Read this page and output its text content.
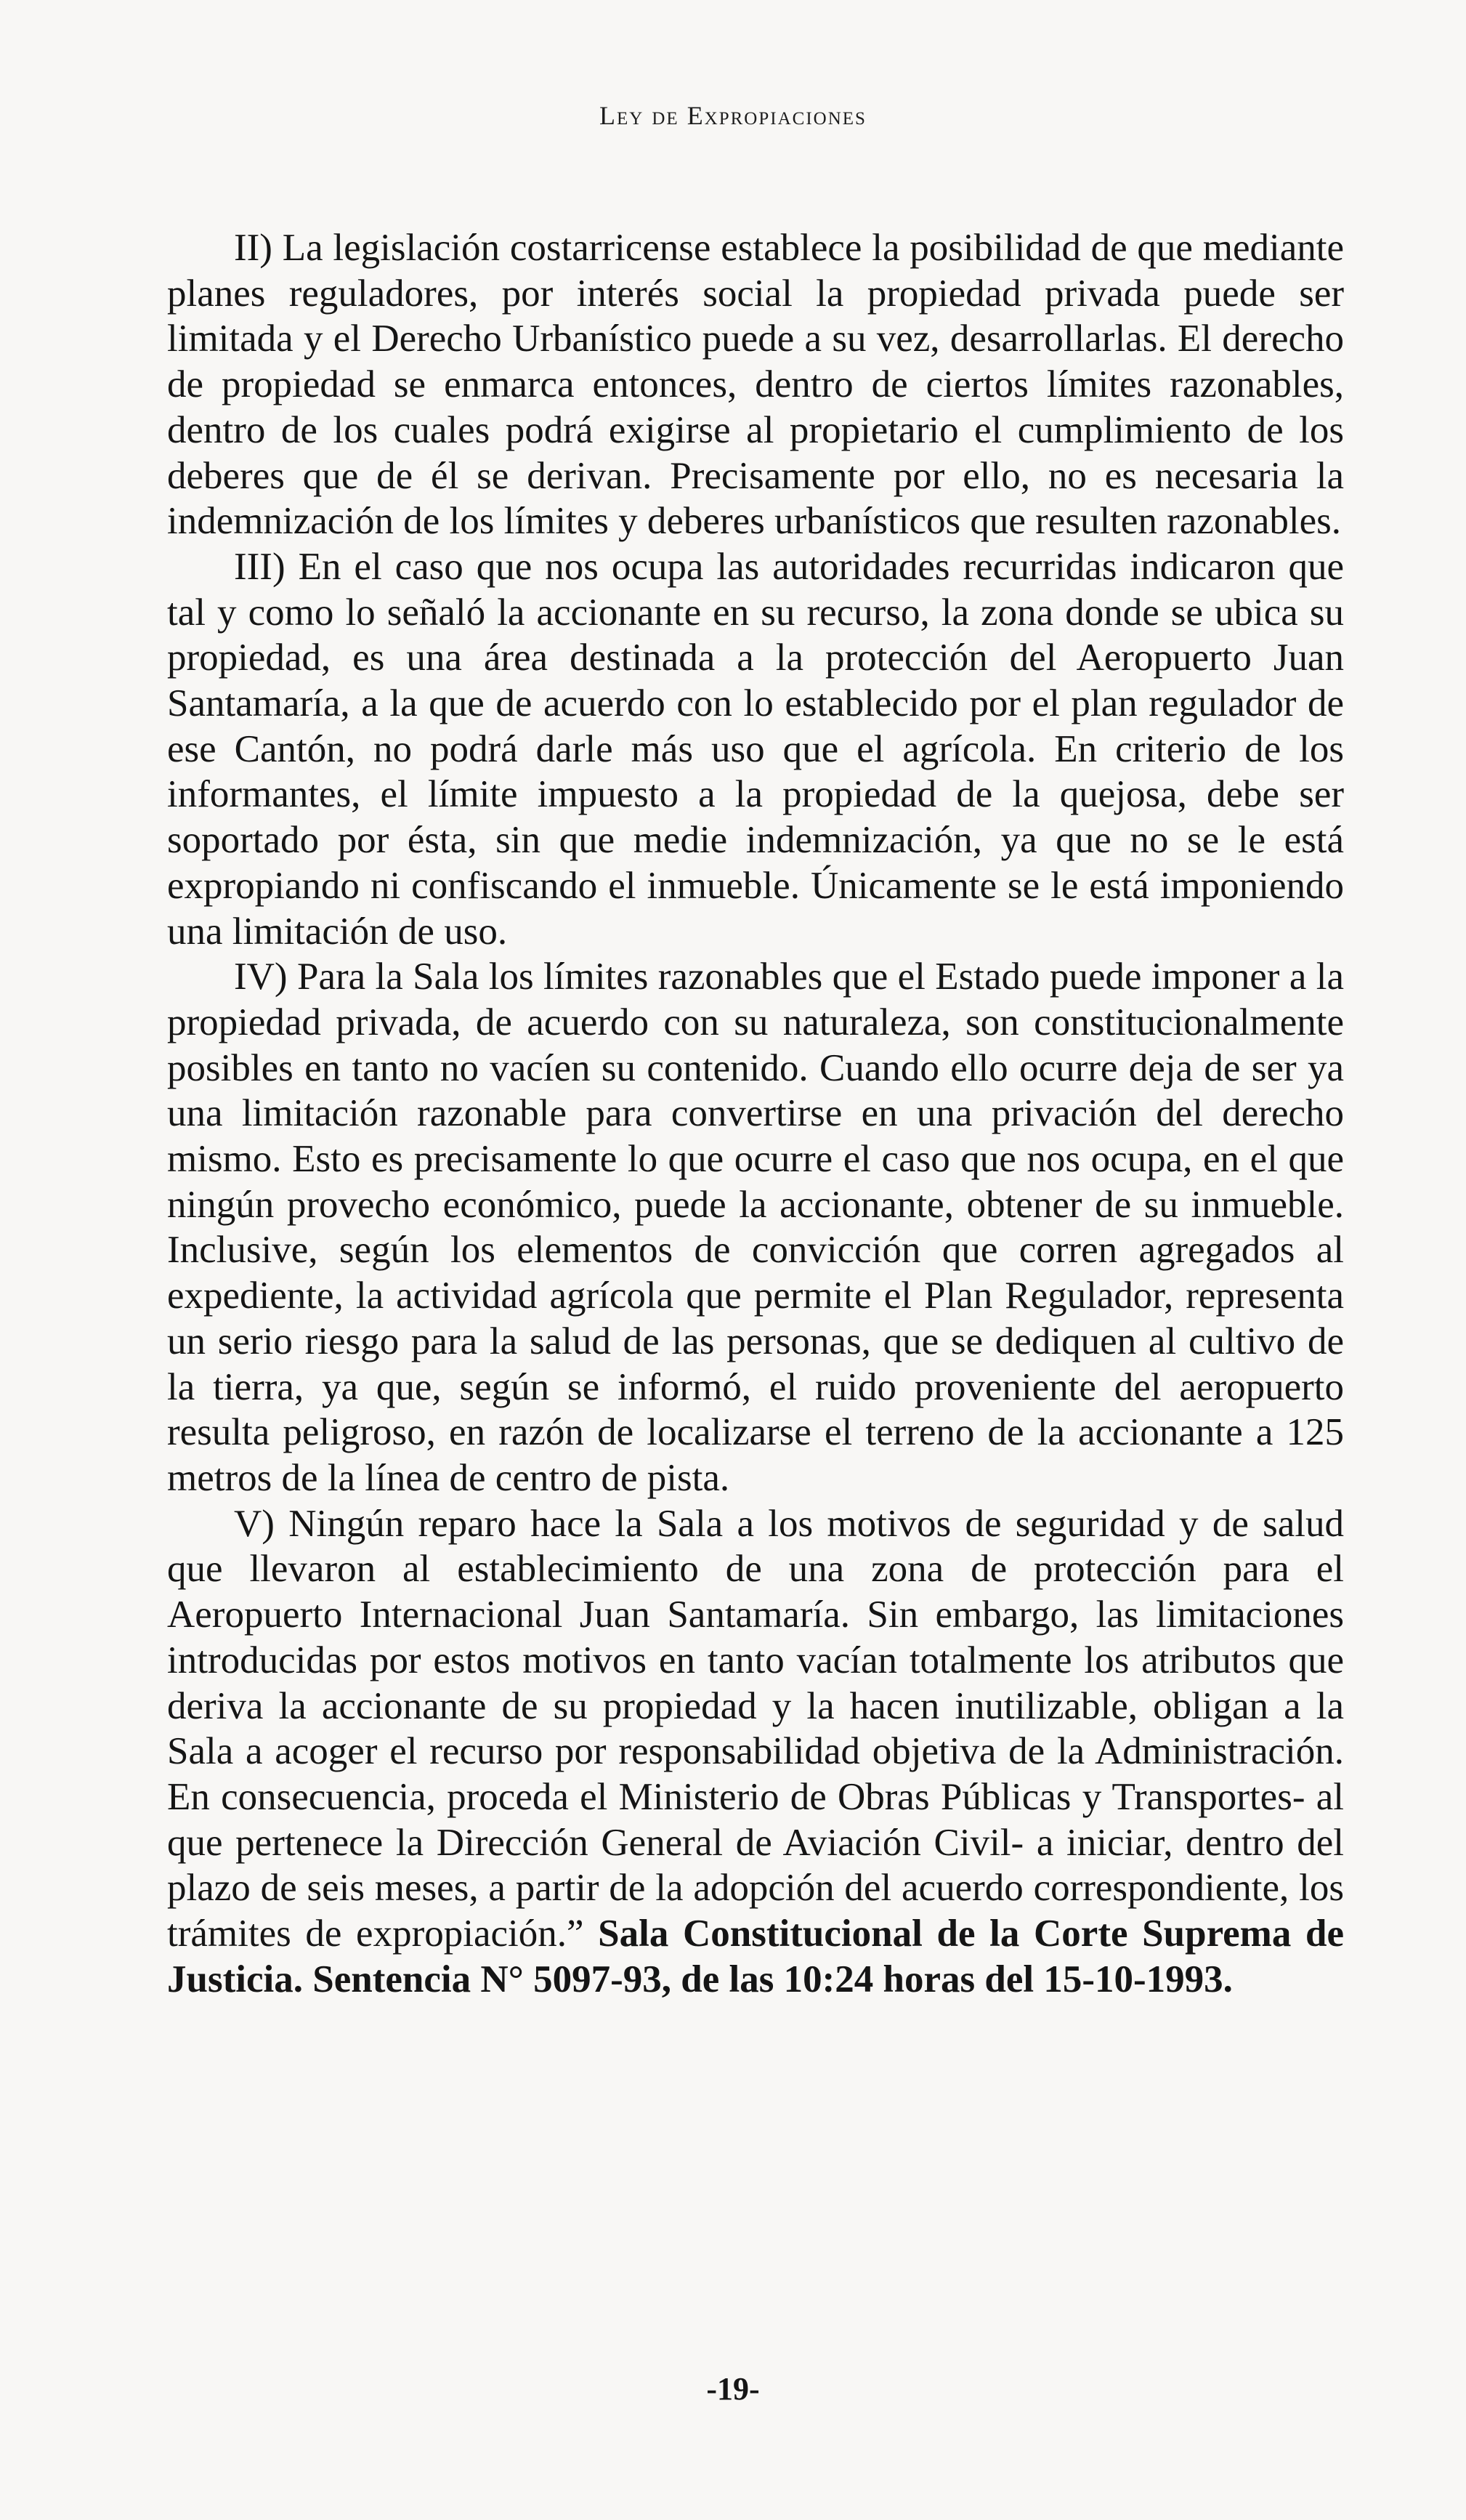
Ley de Expropiaciones

II) La legislación costarricense establece la posibilidad de que mediante planes reguladores, por interés social la propiedad privada puede ser limitada y el Derecho Urbanístico puede a su vez, desarrollarlas. El derecho de propiedad se enmarca entonces, dentro de ciertos límites razonables, dentro de los cuales podrá exigirse al propietario el cumplimiento de los deberes que de él se derivan. Precisamente por ello, no es necesaria la indemnización de los límites y deberes urbanísticos que resulten razonables.

III) En el caso que nos ocupa las autoridades recurridas indicaron que tal y como lo señaló la accionante en su recurso, la zona donde se ubica su propiedad, es una área destinada a la protección del Aeropuerto Juan Santamaría, a la que de acuerdo con lo establecido por el plan regulador de ese Cantón, no podrá darle más uso que el agrícola. En criterio de los informantes, el límite impuesto a la propiedad de la quejosa, debe ser soportado por ésta, sin que medie indemnización, ya que no se le está expropiando ni confiscando el inmueble. Únicamente se le está imponiendo una limitación de uso.

IV) Para la Sala los límites razonables que el Estado puede imponer a la propiedad privada, de acuerdo con su naturaleza, son constitucionalmente posibles en tanto no vacíen su contenido. Cuando ello ocurre deja de ser ya una limitación razonable para convertirse en una privación del derecho mismo. Esto es precisamente lo que ocurre el caso que nos ocupa, en el que ningún provecho económico, puede la accionante, obtener de su inmueble. Inclusive, según los elementos de convicción que corren agregados al expediente, la actividad agrícola que permite el Plan Regulador, representa un serio riesgo para la salud de las personas, que se dediquen al cultivo de la tierra, ya que, según se informó, el ruido proveniente del aeropuerto resulta peligroso, en razón de localizarse el terreno de la accionante a 125 metros de la línea de centro de pista.

V) Ningún reparo hace la Sala a los motivos de seguridad y de salud que llevaron al establecimiento de una zona de protección para el Aeropuerto Internacional Juan Santamaría. Sin embargo, las limitaciones introducidas por estos motivos en tanto vacían totalmente los atributos que deriva la accionante de su propiedad y la hacen inutilizable, obligan a la Sala a acoger el recurso por responsabilidad objetiva de la Administración. En consecuencia, proceda el Ministerio de Obras Públicas y Transportes- al que pertenece la Dirección General de Aviación Civil- a iniciar, dentro del plazo de seis meses, a partir de la adopción del acuerdo correspondiente, los trámites de expropiación.” Sala Constitucional de la Corte Suprema de Justicia. Sentencia N° 5097-93, de las 10:24 horas del 15-10-1993.

-19-
